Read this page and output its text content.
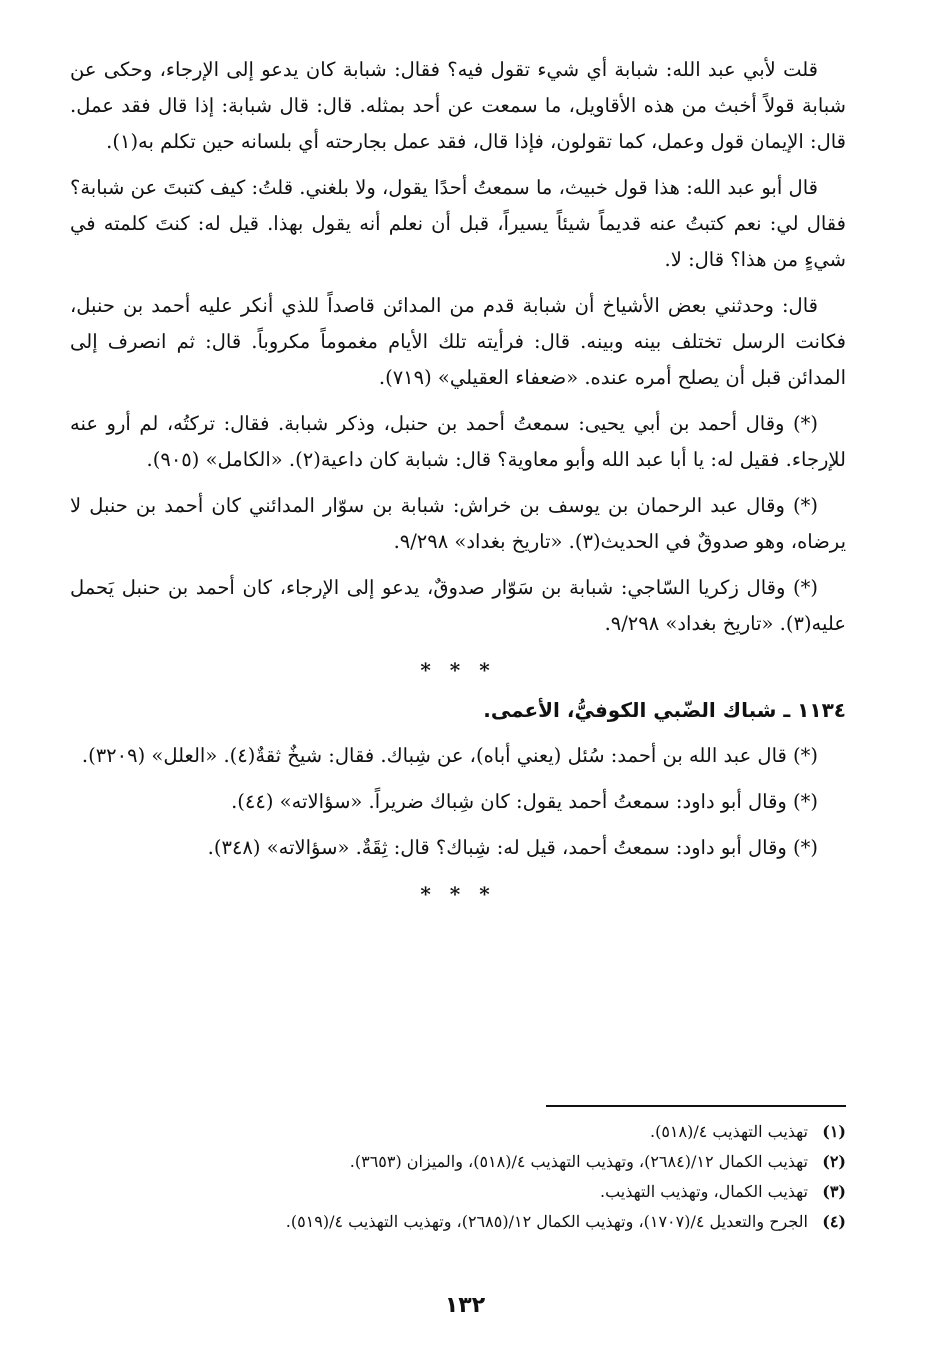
قلت لأبي عبد الله: شبابة أي شيء تقول فيه؟ فقال: شبابة كان يدعو إلى الإرجاء، وحكى عن شبابة قولاً أخبث من هذه الأقاويل، ما سمعت عن أحد بمثله. قال: قال شبابة: إذا قال فقد عمل. قال: الإيمان قول وعمل، كما تقولون، فإذا قال، فقد عمل بجارحته أي بلسانه حين تكلم به(١).

قال أبو عبد الله: هذا قول خبيث، ما سمعتُ أحدًا يقول، ولا بلغني. قلتُ: كيف كتبتَ عن شبابة؟ فقال لي: نعم كتبتُ عنه قديماً شيئاً يسيراً، قبل أن نعلم أنه يقول بهذا. قيل له: كنتَ كلمته في شيءٍ من هذا؟ قال: لا.

قال: وحدثني بعض الأشياخ أن شبابة قدم من المدائن قاصداً للذي أنكر عليه أحمد بن حنبل، فكانت الرسل تختلف بينه وبينه. قال: فرأيته تلك الأيام مغموماً مكروباً. قال: ثم انصرف إلى المدائن قبل أن يصلح أمره عنده. «ضعفاء العقيلي» (٧١٩).

(*) وقال أحمد بن أبي يحيى: سمعتُ أحمد بن حنبل، وذكر شبابة. فقال: تركتُه، لم أرو عنه للإرجاء. فقيل له: يا أبا عبد الله وأبو معاوية؟ قال: شبابة كان داعية(٢). «الكامل» (٩٠٥).

(*) وقال عبد الرحمان بن يوسف بن خراش: شبابة بن سوّار المدائني كان أحمد بن حنبل لا يرضاه، وهو صدوقٌ في الحديث(٣). «تاريخ بغداد» ٩/٢٩٨.

(*) وقال زكريا السّاجي: شبابة بن سَوّار صدوقٌ، يدعو إلى الإرجاء، كان أحمد بن حنبل يَحمل عليه(٣). «تاريخ بغداد» ٩/٢٩٨.

* * *
١١٣٤ ـ شباك الضّبي الكوفيُّ، الأعمى.

(*) قال عبد الله بن أحمد: سُئل (يعني أباه)، عن شِباك. فقال: شيخٌ ثقةٌ(٤). «العلل» (٣٢٠٩).

(*) وقال أبو داود: سمعتُ أحمد يقول: كان شِباك ضريراً. «سؤالاته» (٤٤).

(*) وقال أبو داود: سمعتُ أحمد، قيل له: شِباك؟ قال: ثِقَةٌ. «سؤالاته» (٣٤٨).

* * *
(١)
تهذيب التهذيب ٤/(٥١٨).
(٢)
تهذيب الكمال ١٢/(٢٦٨٤)، وتهذيب التهذيب ٤/(٥١٨)، والميزان (٣٦٥٣).
(٣)
تهذيب الكمال، وتهذيب التهذيب.
(٤)
الجرح والتعديل ٤/(١٧٠٧)، وتهذيب الكمال ١٢/(٢٦٨٥)، وتهذيب التهذيب ٤/(٥١٩).
١٣٢
